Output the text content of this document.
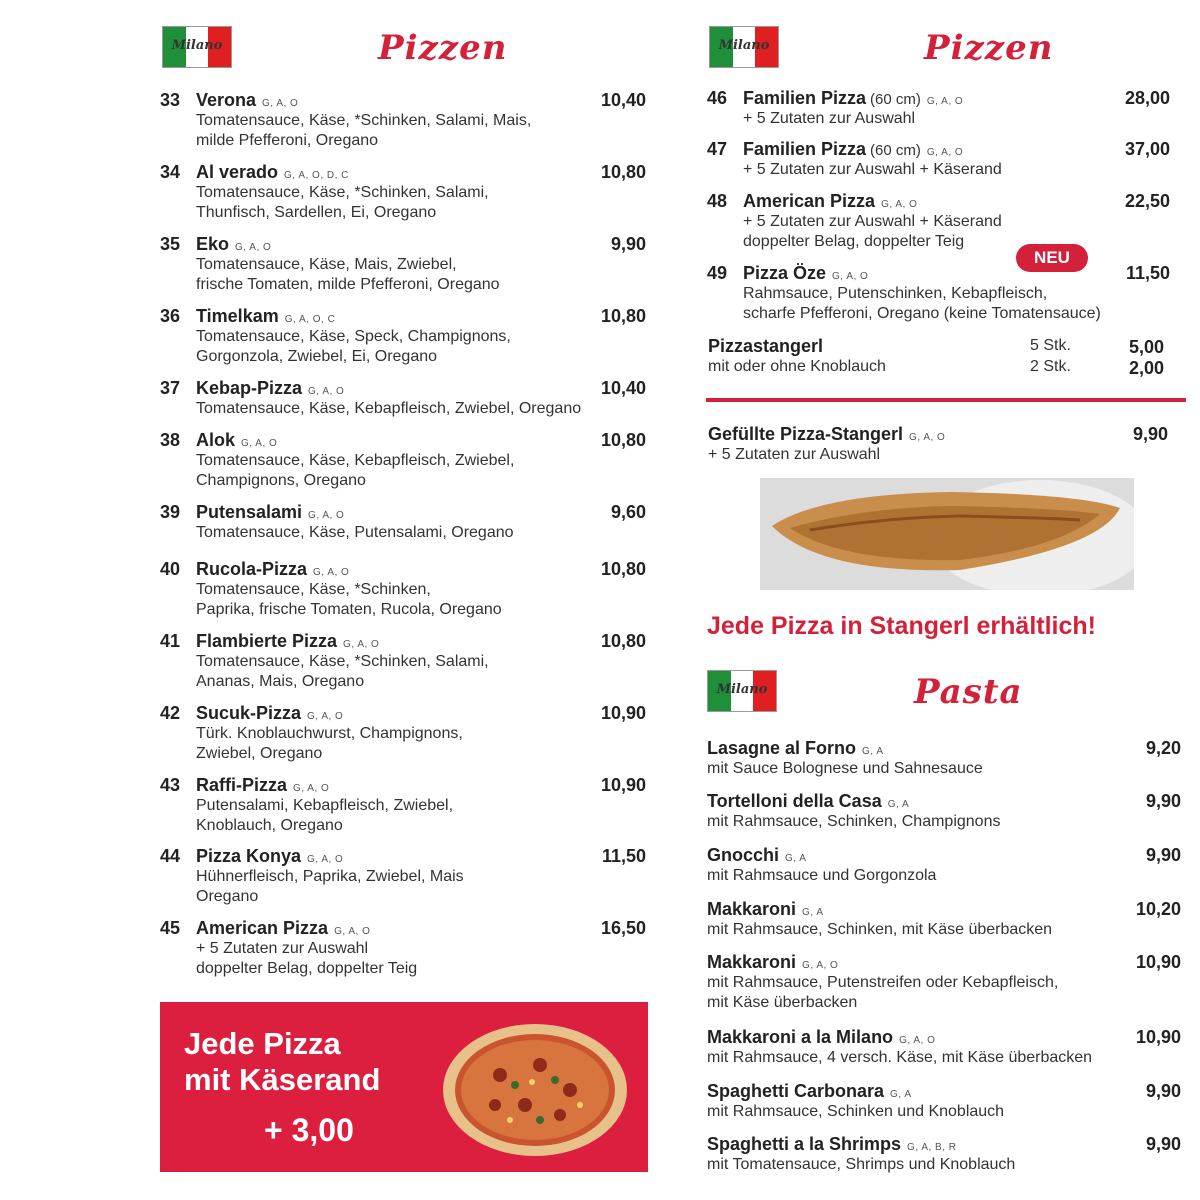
Milano	Pizzen
33 Verona G, A, O
Tomatensauce, Käse, *Schinken, Salami, Mais,
milde Pfefferoni, Oregano
10,40
34 Al verado G, A, O, D, C
Tomatensauce, Käse, *Schinken, Salami,
Thunfisch, Sardellen, Ei, Oregano
10,80
35 Eko G, A, O
Tomatensauce, Käse, Mais, Zwiebel,
frische Tomaten, milde Pfefferoni, Oregano
9,90
36 Timelkam G, A, O, C
Tomatensauce, Käse, Speck, Champignons,
Gorgonzola, Zwiebel, Ei, Oregano
10,80
37 Kebap-Pizza G, A, O
Tomatensauce, Käse, Kebapfleisch, Zwiebel, Oregano
10,40
38 Alok G, A, O
Tomatensauce, Käse, Kebapfleisch, Zwiebel,
Champignons, Oregano
10,80
39 Putensalami G, A, O
Tomatensauce, Käse, Putensalami, Oregano
9,60
40 Rucola-Pizza G, A, O
Tomatensauce, Käse, *Schinken,
Paprika, frische Tomaten, Rucola, Oregano
10,80
41 Flambierte Pizza G, A, O
Tomatensauce, Käse, *Schinken, Salami,
Ananas, Mais, Oregano
10,80
42 Sucuk-Pizza G, A, O
Türk. Knoblauchwurst, Champignons,
Zwiebel, Oregano
10,90
43 Raffi-Pizza G, A, O
Putensalami, Kebapfleisch, Zwiebel,
Knoblauch, Oregano
10,90
44 Pizza Konya G, A, O
Hühnerfleisch, Paprika, Zwiebel, Mais
Oregano
11,50
45 American Pizza G, A, O
+ 5 Zutaten zur Auswahl
doppelter Belag, doppelter Teig
16,50
Jede Pizza
mit Käserand
+ 3,00
Milano	Pizzen
46 Familien Pizza (60 cm) G, A, O
+ 5 Zutaten zur Auswahl
28,00
47 Familien Pizza (60 cm) G, A, O
+ 5 Zutaten zur Auswahl + Käserand
37,00
48 American Pizza G, A, O
+ 5 Zutaten zur Auswahl + Käserand
doppelter Belag, doppelter Teig
22,50
49 Pizza Öze G, A, O
Rahmsauce, Putenschinken, Kebapfleisch,
scharfe Pfefferoni, Oregano (keine Tomatensauce)
11,50
NEU
Pizzastangerl
mit oder ohne Knoblauch
5 Stk.	5,00
2 Stk.	2,00
Gefüllte Pizza-Stangerl G, A, O
+ 5 Zutaten zur Auswahl
9,90
Jede Pizza in Stangerl erhältlich!
Milano	Pasta
Lasagne al Forno G, A
mit Sauce Bolognese und Sahnesauce
9,20
Tortelloni della Casa G, A
mit Rahmsauce, Schinken, Champignons
9,90
Gnocchi G, A
mit Rahmsauce und Gorgonzola
9,90
Makkaroni G, A
mit Rahmsauce, Schinken, mit Käse überbacken
10,20
Makkaroni G, A, O
mit Rahmsauce, Putenstreifen oder Kebapfleisch,
mit Käse überbacken
10,90
Makkaroni a la Milano G, A, O
mit Rahmsauce, 4 versch. Käse, mit Käse überbacken
10,90
Spaghetti Carbonara G, A
mit Rahmsauce, Schinken und Knoblauch
9,90
Spaghetti a la Shrimps G, A, B, R
mit Tomatensauce, Shrimps und Knoblauch
9,90
